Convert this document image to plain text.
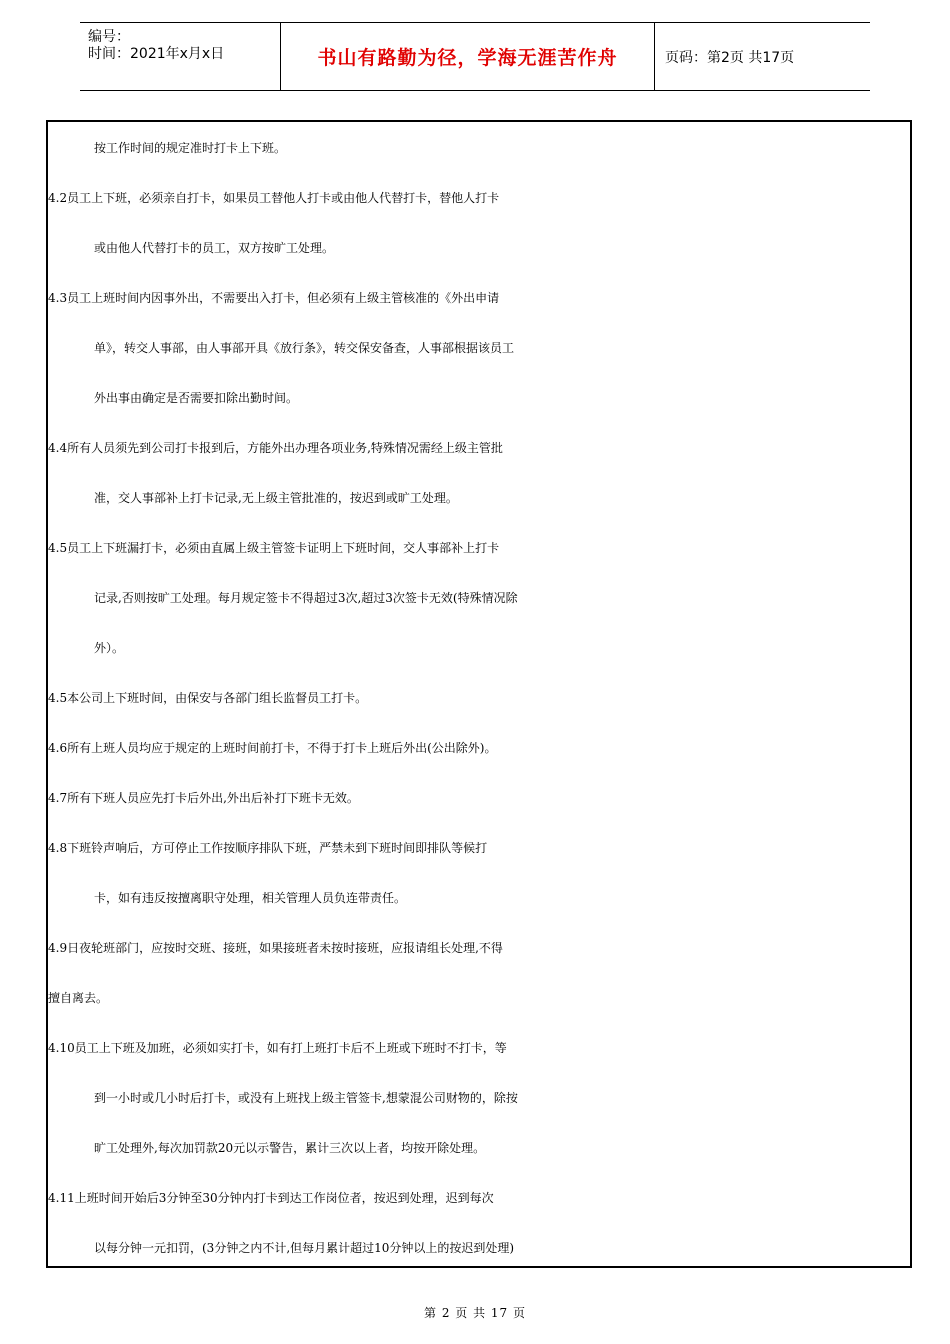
编号：
时间：2021年x月x日	书山有路勤为径，学海无涯苦作舟	页码：第2页 共17页
按工作时间的规定准时打卡上下班。
4.2员工上下班，必须亲自打卡，如果员工替他人打卡或由他人代替打卡，替他人打卡
或由他人代替打卡的员工，双方按旷工处理。
4.3员工上班时间内因事外出，不需要出入打卡，但必须有上级主管核准的《外出申请
单》，转交人事部，由人事部开具《放行条》，转交保安备查，人事部根据该员工
外出事由确定是否需要扣除出勤时间。
4.4所有人员须先到公司打卡报到后，方能外出办理各项业务,特殊情况需经上级主管批
准，交人事部补上打卡记录,无上级主管批准的，按迟到或旷工处理。
4.5员工上下班漏打卡，必须由直属上级主管签卡证明上下班时间，交人事部补上打卡
记录,否则按旷工处理。每月规定签卡不得超过3次,超过3次签卡无效(特殊情况除
外）。
4.5本公司上下班时间，由保安与各部门组长监督员工打卡。
4.6所有上班人员均应于规定的上班时间前打卡，不得于打卡上班后外出(公出除外)。
4.7所有下班人员应先打卡后外出,外出后补打下班卡无效。
4.8下班铃声响后，方可停止工作按顺序排队下班，严禁未到下班时间即排队等候打
卡，如有违反按擅离职守处理，相关管理人员负连带责任。
4.9日夜轮班部门，应按时交班、接班，如果接班者未按时接班，应报请组长处理,不得
擅自离去。
4.10员工上下班及加班，必须如实打卡，如有打上班打卡后不上班或下班时不打卡，等
到一小时或几小时后打卡，或没有上班找上级主管签卡,想蒙混公司财物的，除按
旷工处理外,每次加罚款20元以示警告，累计三次以上者，均按开除处理。
4.11上班时间开始后3分钟至30分钟内打卡到达工作岗位者，按迟到处理，迟到每次
以每分钟一元扣罚，(3分钟之内不计,但每月累计超过10分钟以上的按迟到处理)
第 2 页 共 17 页
